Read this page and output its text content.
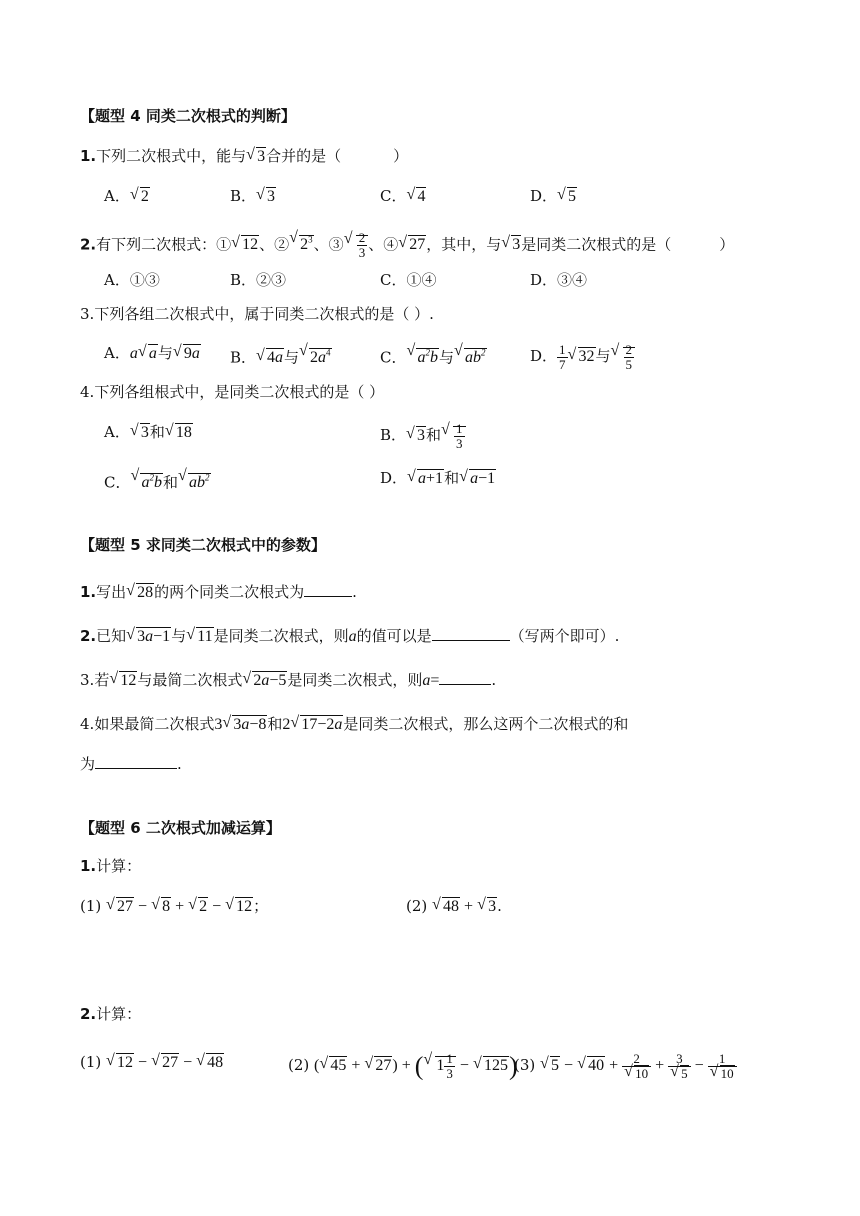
【题型 4 同类二次根式的判断】
1.下列二次根式中，能与 √ 3合并的是（	）
A． √ 2	B． √ 3	C． √ 4	D． √ 5
2.有下列二次根式：① √ 12、② √ $2^3$、③ √ $\frac{2}{3}$ 、④ √ 27，其中，与 √ 3是同类二次根式的是（	）
A．①③	B．②③	C．①④	D．③④
3.下列各组二次根式中，属于同类二次根式的是（ ）.
A．a √ a与 √ 9a B． √ 4a与 √ $2a^4$	C． √ $a^2b$与 √ $ab^2$	D． $\frac{1}{7}$ √ 32与 √ $\frac{2}{5}$
4.下列各组根式中，是同类二次根式的是（ ）
A． √ 3和 √ 18	B． √ 3和 √ $\frac{1}{3}$
C． √ $a^2b$和 √ $ab^2$	D． √ a+1和 √ a−1
【题型 5 求同类二次根式中的参数】
1.写出 √ 28的两个同类二次根式为	.
2.已知 √ 3a−1与 √ 11是同类二次根式，则a的值可以是	（写两个即可）.
3.若 √ 12与最简二次根式 √ 2a−5是同类二次根式，则a=	.
4.如果最简二次根式3 √ 3a−8和2 √ 17−2a是同类二次根式，那么这两个二次根式的和
为	.
【题型 6 二次根式加减运算】
1.计算：
(1) √ 27 − √ 8 + √ 2 − √ 12；	(2) √ 48 + √ 3.
2.计算：
(1) √ 12 − √ 27 − √ 48	(2) ( √ 45 + √ 27) + ( √ $1 \frac{1}{3}$ − √ 125)
(3) √ 5 − √ 40 + 2
√ 10 + 3
√ 5 − 1
√ 10
